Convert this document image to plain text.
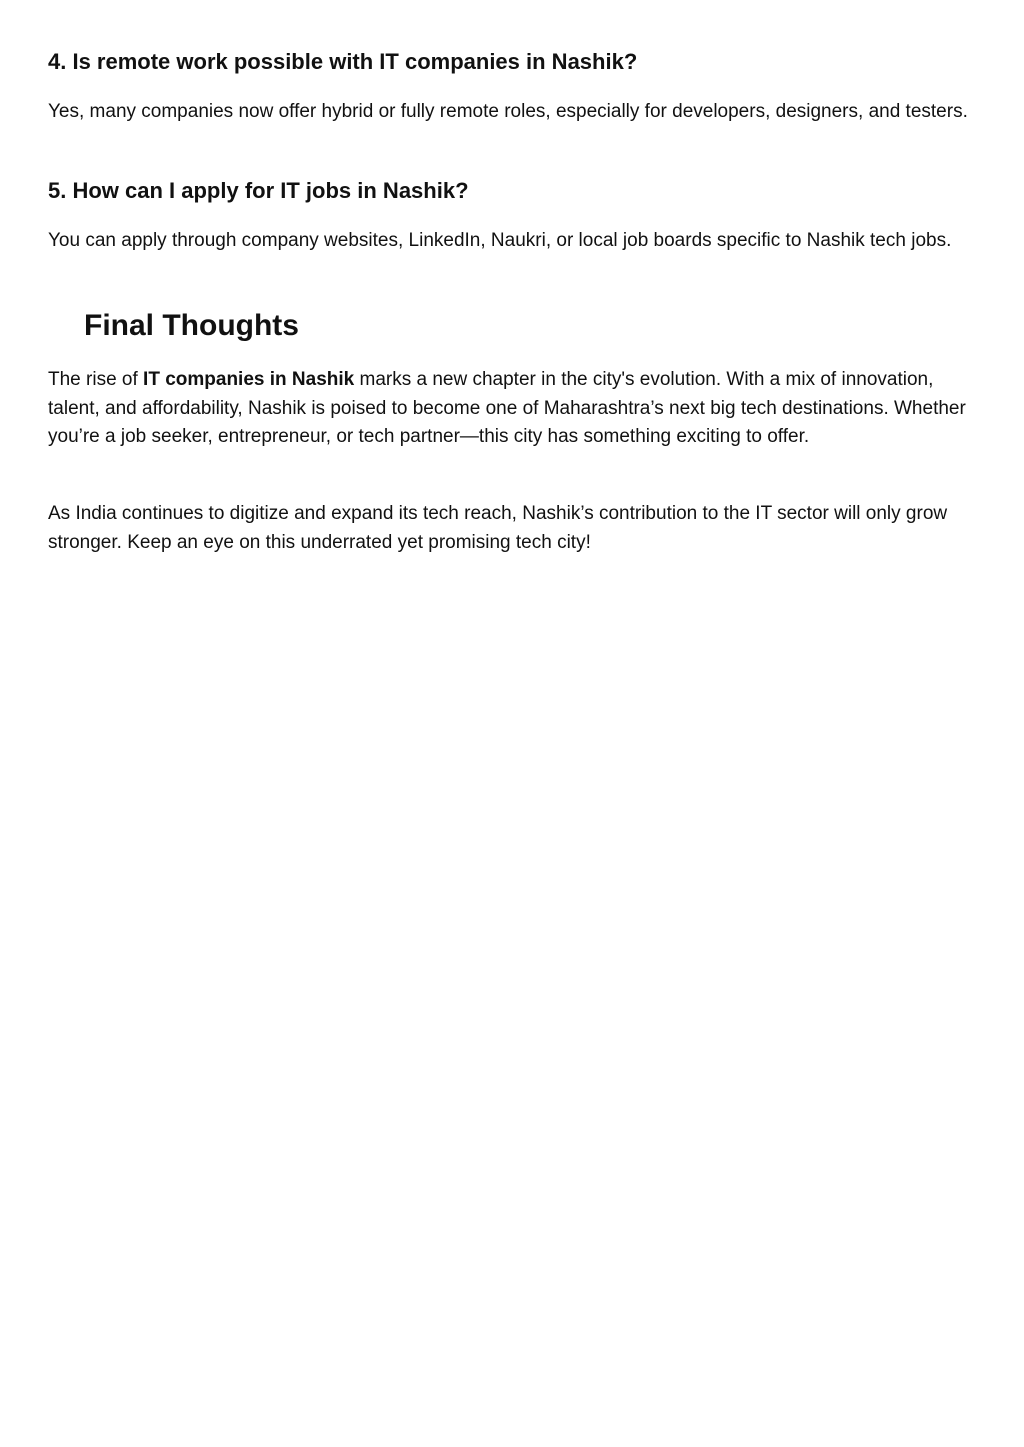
4. Is remote work possible with IT companies in Nashik?

Yes, many companies now offer hybrid or fully remote roles, especially for developers, designers, and testers.

5. How can I apply for IT jobs in Nashik?

You can apply through company websites, LinkedIn, Naukri, or local job boards specific to Nashik tech jobs.

Final Thoughts

The rise of IT companies in Nashik marks a new chapter in the city's evolution. With a mix of innovation, talent, and affordability, Nashik is poised to become one of Maharashtra’s next big tech destinations. Whether you’re a job seeker, entrepreneur, or tech partner—this city has something exciting to offer.

As India continues to digitize and expand its tech reach, Nashik’s contribution to the IT sector will only grow stronger. Keep an eye on this underrated yet promising tech city!
